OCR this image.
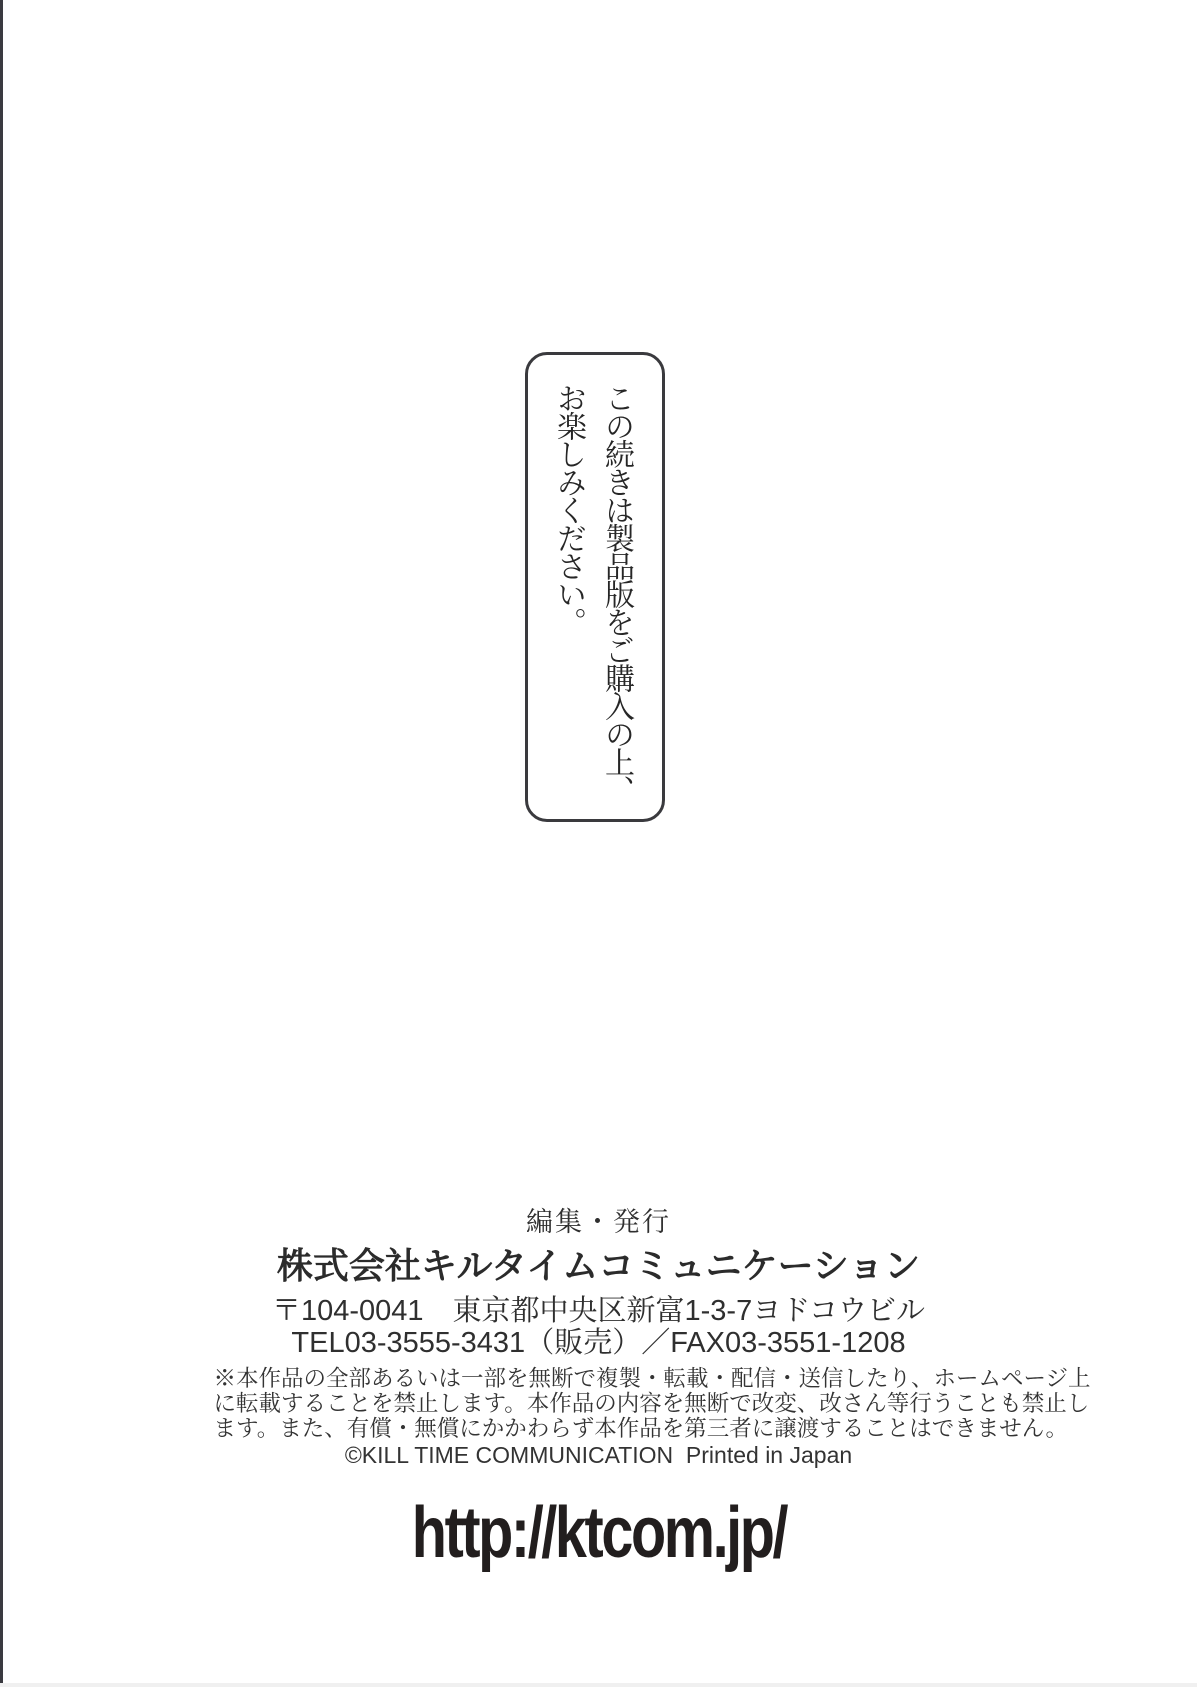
この続きは製品版をご購入の上、

お楽しみください。

編集・発行
株式会社キルタイムコミュニケーション
〒104-0041　東京都中央区新富1-3-7ヨドコウビル
TEL03-3555-3431（販売）／FAX03-3551-1208
※本作品の全部あるいは一部を無断で複製・転載・配信・送信したり、ホームページ上
に転載することを禁止します。本作品の内容を無断で改変、改さん等行うことも禁止し
ます。また、有償・無償にかかわらず本作品を第三者に譲渡することはできません。
©KILL TIME COMMUNICATION  Printed in Japan
http://ktcom.jp/
